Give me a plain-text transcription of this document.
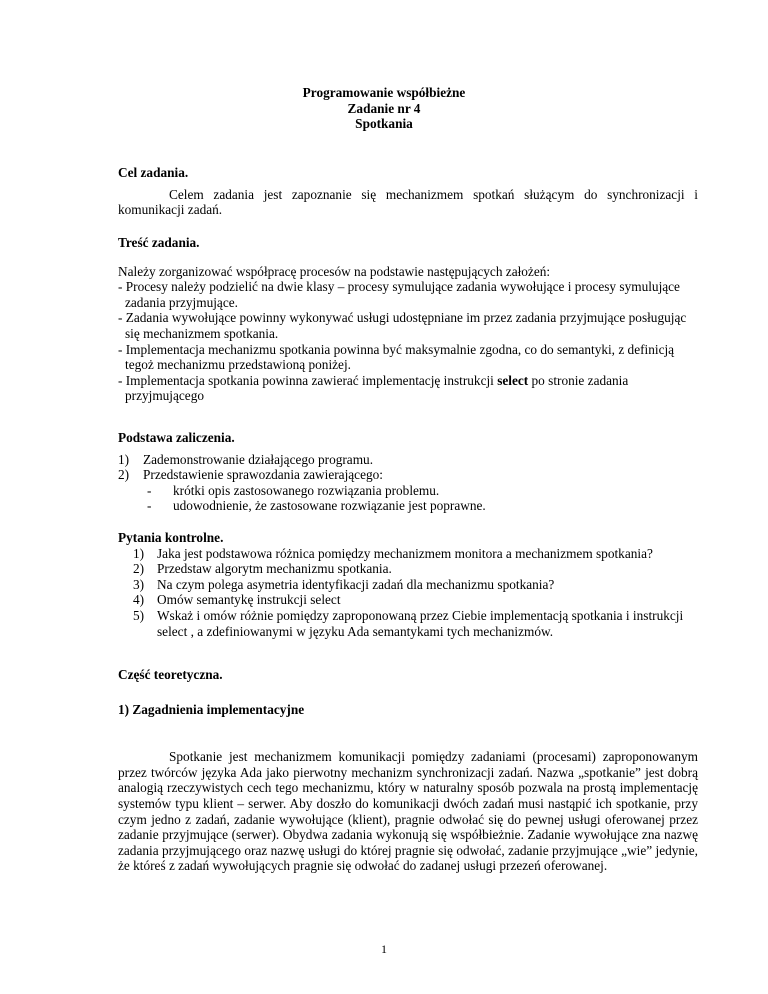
Programowanie współbieżne
Zadanie nr 4
Spotkania
Cel zadania.
Celem zadania jest zapoznanie się mechanizmem spotkań służącym do synchronizacji i komunikacji zadań.
Treść zadania.
Należy zorganizować współpracę procesów na podstawie następujących założeń:
- Procesy należy podzielić na dwie klasy – procesy symulujące zadania wywołujące i procesy symulujące zadania przyjmujące.
- Zadania wywołujące powinny wykonywać usługi udostępniane im przez zadania przyjmujące posługując się mechanizmem spotkania.
- Implementacja mechanizmu spotkania powinna być maksymalnie zgodna, co do semantyki, z definicją tegoż mechanizmu przedstawioną poniżej.
- Implementacja spotkania powinna zawierać implementację instrukcji select po stronie zadania przyjmującego
Podstawa zaliczenia.
1) Zademonstrowanie działającego programu.
2) Przedstawienie sprawozdania zawierającego:
- krótki opis zastosowanego rozwiązania problemu.
- udowodnienie, że zastosowane rozwiązanie jest poprawne.
Pytania kontrolne.
1) Jaka jest podstawowa różnica pomiędzy mechanizmem monitora a mechanizmem spotkania?
2) Przedstaw algorytm mechanizmu spotkania.
3) Na czym polega asymetria identyfikacji zadań dla mechanizmu spotkania?
4) Omów semantykę instrukcji select
5) Wskaż i omów różnie pomiędzy zaproponowaną przez Ciebie implementacją spotkania i instrukcji select , a zdefiniowanymi w języku Ada semantykami tych mechanizmów.
Część teoretyczna.
1) Zagadnienia implementacyjne
Spotkanie jest mechanizmem komunikacji pomiędzy zadaniami (procesami) zaproponowanym przez twórców języka Ada jako pierwotny mechanizm synchronizacji zadań. Nazwa „spotkanie” jest dobrą analogią rzeczywistych cech tego mechanizmu, który w naturalny sposób pozwala na prostą implementację systemów typu klient – serwer. Aby doszło do komunikacji dwóch zadań musi nastąpić ich spotkanie, przy czym jedno z zadań, zadanie wywołujące (klient), pragnie odwołać się do pewnej usługi oferowanej przez zadanie przyjmujące (serwer). Obydwa zadania wykonują się współbieżnie. Zadanie wywołujące zna nazwę zadania przyjmującego oraz nazwę usługi do której pragnie się odwołać, zadanie przyjmujące „wie” jedynie, że któreś z zadań wywołujących pragnie się odwołać do zadanej usługi przezeń oferowanej.
1
